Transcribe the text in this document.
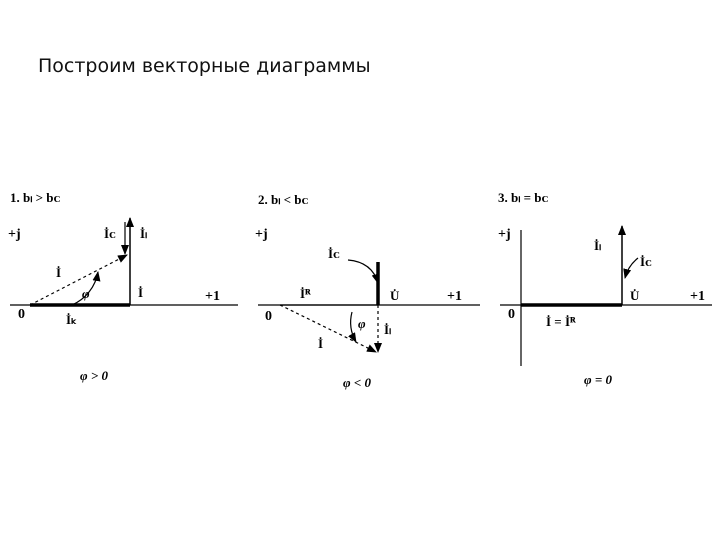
Построим векторные диаграммы
1. bₗ > bᴄ
+j
+1
0
φ
İ
İᴄ İₗ
İ
İₖ
φ > 0
2. bₗ < bᴄ
+j
+1
0	φ
İᴄ
İᴿ	U̇
İₗ
İ
φ < 0
3. bₗ = bᴄ
+j
+1
0
İₗ
İᴄ
U̇
İ = İᴿ
φ = 0
